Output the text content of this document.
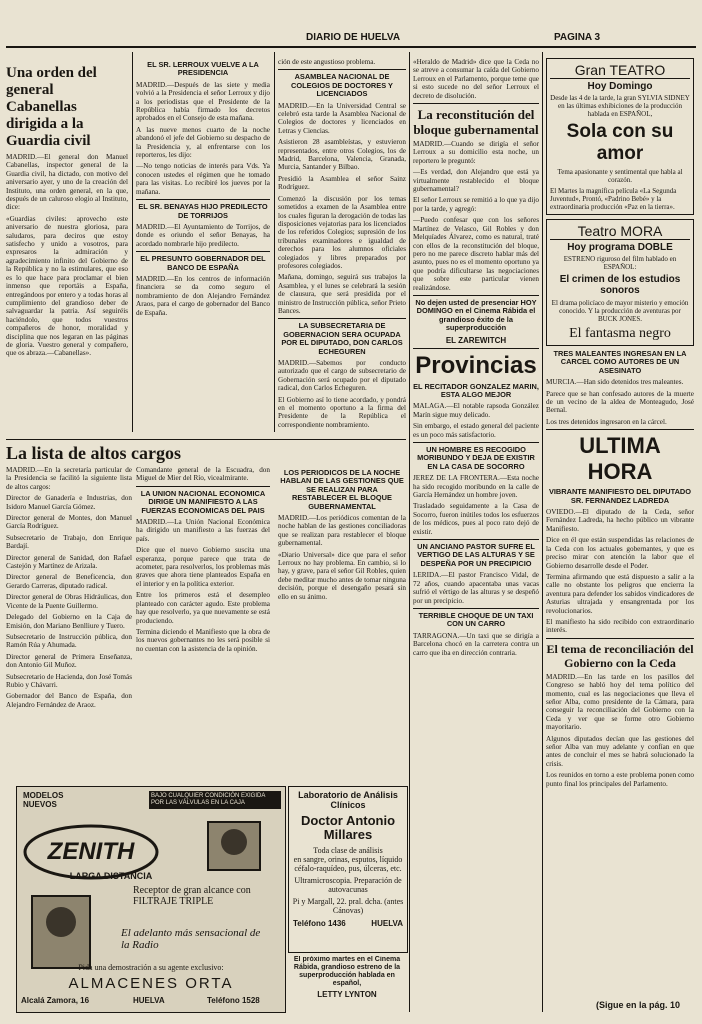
DIARIO DE HUELVA	PAGINA 3
Una orden del general Cabanellas dirigida a la Guardia civil

MADRID.—El general don Manuel Cabanellas, inspector general de la Guardia civil, ha dictado, con motivo del aniversario ayer, y uno de la creación del Instituto, una orden general, en la que, después de un caluroso elogio al Instituto, dice:

«Guardias civiles: aprovecho este aniversario de nuestra gloriosa, para saludaros, para deciros que estoy satisfecho y unido a vosotros, para expresaros la admiración y agradecimiento infinito del Gobierno de la República y no la estimulares, que eso es lo que hace para proclamar el bien inmenso que reportáis a España, entregándoos por entero y a todas horas al cumplimiento del grandioso deber de salvaguardar la patria. Así seguiréis haciéndolo, que todos vuestros compañeros de honor, moralidad y disciplina que nos legaran en las páginas de gloria. Vuestro general y compañero, que os abraza.—Cabanellas».

EL SR. LERROUX VUELVE A LA PRESIDENCIA

MADRID.—Después de las siete y media volvió a la Presidencia el señor Lerroux y dijo a los periodistas que el Presidente de la República había firmado los decretos aprobados en el Consejo de esta mañana.

A las nueve menos cuarto de la noche abandonó el jefe del Gobierno su despacho de la Presidencia y, al enfrentarse con los reporteros, les dijo:

—No tengo noticias de interés para Vds. Ya conocen ustedes el régimen que he tomado para las visitas. Lo recibiré los jueves por la mañana.

EL SR. BENAYAS HIJO PREDILECTO DE TORRIJOS

MADRID.—El Ayuntamiento de Torrijos, de donde es oriundo el señor Benayas, ha acordado nombrarle hijo predilecto.

EL PRESUNTO GOBERNADOR DEL BANCO DE ESPAÑA

MADRID.—En los centros de información financiera se da como seguro el nombramiento de don Alejandro Fernández Araos, para el cargo de gobernador del Banco de España.

ción de este angustioso problema.

ASAMBLEA NACIONAL DE COLEGIOS DE DOCTORES Y LICENCIADOS

MADRID.—En la Universidad Central se celebró esta tarde la Asamblea Nacional de Colegios de doctores y licenciados en Letras y Ciencias.

Asistieron 28 asambleístas, y estuvieron representados, entre otros Colegios, los de Madrid, Barcelona, Valencia, Granada, Murcia, Santander y Bilbao.

Presidió la Asamblea el señor Sainz Rodríguez.

Comenzó la discusión por los temas sometidos a examen de la Asamblea entre los cuales figuran la derogación de todas las disposiciones vejatorias para los licenciados de los referidos Colegios; supresión de los tribunales examinadores e igualdad de derechos para los alumnos oficiales colegiados y libres preparados por profesores colegiados.

Mañana, domingo, seguirá sus trabajos la Asamblea, y el lunes se celebrará la sesión de clausura, que será presidida por el ministro de Instrucción pública, señor Prieto Bances.

LA SUBSECRETARIA DE GOBERNACION SERA OCUPADA POR EL DIPUTADO, DON CARLOS ECHEGUREN

MADRID.—Sabemos por conducto autorizado que el cargo de subsecretario de Gobernación será ocupado por el diputado radical, don Carlos Echeguren.

El Gobierno así lo tiene acordado, y pondrá en el momento oportuno a la firma del Presidente de la República el correspondiente nombramiento.

La lista de altos cargos

MADRID.—En la secretaría particular de la Presidencia se facilitó la siguiente lista de altos cargos:

Director de Ganadería e Industrias, don Isidoro Manuel García Gómez.

Director general de Montes, don Manuel García Rodríguez.

Subsecretario de Trabajo, don Enrique Bardají.

Director general de Sanidad, don Rafael Castejón y Martínez de Arizala.

Director general de Beneficencia, don Gerardo Carreras, diputado radical.

Director general de Obras Hidráulicas, don Vicente de la Puente Guillermo.

Delegado del Gobierno en la Caja de Emisión, don Mariano Benlliure y Tuero.

Subsecretario de Instrucción pública, don Ramón Rúa y Ahumada.

Director general de Primera Enseñanza, don Antonio Gil Muñoz.

Subsecretario de Hacienda, don José Tomás Rubio y Chávarri.

Gobernador del Banco de España, don Alejandro Fernández de Araoz.

Comandante general de la Escuadra, don Miguel de Mier del Río, vicealmirante.

LA UNION NACIONAL ECONOMICA DIRIGE UN MANIFIESTO A LAS FUERZAS ECONOMICAS DEL PAIS

MADRID.—La Unión Nacional Económica ha dirigido un manifiesto a las fuerzas del país.

Dice que el nuevo Gobierno suscita una esperanza, porque parece que trata de acometer, para resolverlos, los problemas más graves que ahora tiene planteados España en el interior y en la política exterior.

Entre los primeros está el desempleo planteado con carácter agudo. Este problema hay que resolverlo, ya que nuevamente se está produciendo.

Termina diciendo el Manifiesto que la obra de los nuevos gobernantes no les será posible si no cuentan con la asistencia de la opinión.

LOS PERIODICOS DE LA NOCHE HABLAN DE LAS GESTIONES QUE SE REALIZAN PARA RESTABLECER EL BLOQUE GUBERNAMENTAL

MADRID.—Los periódicos comentan de la noche hablan de las gestiones conciliadoras que se realizan para restablecer el bloque gubernamental.

«Diario Universal» dice que para el señor Lerroux no hay problema. En cambio, si lo hay, y grave, para el señor Gil Robles, quien debe meditar mucho antes de tomar ninguna decisión, porque el desengaño pesará sin ello en su ánimo.

MODELOS NUEVOS
BAJO CUALQUIER CONDICIÓN EXIGIDA POR LAS VÁLVULAS EN LA CAJA
ZENITH
LARGA DISTANCIA
Receptor de gran alcance con FILTRAJE TRIPLE
El adelanto más sensacional de la Radio
Pida una demostración a su agente exclusivo:
ALMACENES ORTA
Alcalá Zamora, 16	HUELVA	Teléfono 1528
Laboratorio de Análisis Clínicos
Doctor Antonio Millares
Toda clase de análisis
en sangre, orinas, esputos, líquido céfalo-raquídeo, pus, úlceras, etc.
Ultramicroscopia. Preparación de autovacunas
Pi y Margall, 22. pral. dcha. (antes Cánovas)
Teléfono 1436	HUELVA
El próximo martes en el Cinema Rábida, grandioso estreno de la superproducción hablada en español,
LETTY LYNTON

«Heraldo de Madrid» dice que la Ceda no se atreve a consumar la caída del Gobierno Lerroux en el Parlamento, porque teme que si esto sucede no del señor Lerroux el decreto de disolución.

La reconstitución del bloque gubernamental

MADRID.—Cuando se dirigía el señor Lerroux a su domicilio esta noche, un reportero le preguntó:

—Es verdad, don Alejandro que está ya virtualmente restablecido el bloque gubernamental?

El señor Lerroux se remitió a lo que ya dijo por la tarde, y agregó:

—Puedo confesar que con los señores Martínez de Velasco, Gil Robles y don Melquíades Álvarez, como es natural, traté con ellos de la reconstitución del bloque, pero no me parece discreto hablar más del asunto, pues no es el momento oportuno ya que podría dificultarse las negociaciones que sobre este particular vienen realizándose.

No dejen usted de presenciar HOY DOMINGO en el Cinema Rábida el grandioso éxito de la superproducción
EL ZAREWITCH
Provincias
EL RECITADOR GONZALEZ MARIN, ESTA ALGO MEJOR

MALAGA.—El notable rapsoda González Marín sigue muy delicado.

Sin embargo, el estado general del paciente es un poco más satisfactorio.

UN HOMBRE ES RECOGIDO MORIBUNDO Y DEJA DE EXISTIR EN LA CASA DE SOCORRO

JEREZ DE LA FRONTERA.—Esta noche ha sido recogido moribundo en la calle de García Hernández un hombre joven.

Trasladado seguidamente a la Casa de Socorro, fueron inútiles todos los esfuerzos de los médicos, pues al poco rato dejó de existir.

UN ANCIANO PASTOR SUFRE EL VERTIGO DE LAS ALTURAS Y SE DESPEÑA POR UN PRECIPICIO

LERIDA.—El pastor Francisco Vidal, de 72 años, cuando apacentaba unas vacas sufrió el vértigo de las alturas y se despeñó por un precipicio.

TERRIBLE CHOQUE DE UN TAXI CON UN CARRO

TARRAGONA.—Un taxi que se dirigía a Barcelona chocó en la carretera contra un carro que iba en dirección contraria.

Gran TEATRO
Hoy Domingo
Desde las 4 de la tarde, la gran SYLVIA SIDNEY en las últimas exhibiciones de la producción hablada en ESPAÑOL,
Sola con su amor
Tema apasionante y sentimental que habla al corazón.
El Martes la magnífica película «La Segunda Juventud», Prontó, «Padrino Bebé» y la extraordinaria producción «Paz en la tierra».
Teatro MORA
Hoy programa DOBLE
ESTRENO riguroso del film hablado en ESPAÑOL:
El crimen de los estudios sonoros
El drama policíaco de mayor misterio y emoción conocido. Y la producción de aventuras por BUCK JONES.
El fantasma negro
TRES MALEANTES INGRESAN EN LA CARCEL COMO AUTORES DE UN ASESINATO

MURCIA.—Han sido detenidos tres maleantes.

Parece que se han confesado autores de la muerte de un vecino de la aldea de Monteagudo, José Bernal.

Los tres detenidos ingresaron en la cárcel.

ULTIMA HORA
VIBRANTE MANIFIESTO DEL DIPUTADO SR. FERNANDEZ LADREDA

OVIEDO.—El diputado de la Ceda, señor Fernández Ladreda, ha hecho público un vibrante Manifiesto.

Dice en él que están suspendidas las relaciones de la Ceda con los actuales gobernantes, y que es preciso mirar con atención la labor que el Gobierno desarrolle desde el Poder.

Termina afirmando que está dispuesto a salir a la calle no obstante los peligros que encierra la aventura para defender los sabidos vindicadores de Asturias ultrajada y ensangrentada por los revolucionarios.

El manifiesto ha sido recibido con extraordinario interés.

El tema de reconciliación del Gobierno con la Ceda

MADRID.—En las tarde en los pasillos del Congreso se habló hoy del tema político del momento, cual es las negociaciones que lleva el señor Alba, como presidente de la Cámara, para conseguir la reconciliación del Gobierno con la Ceda y ver que se forme otro Gobierno mayoritario.

Algunos diputados decían que las gestiones del señor Alba van muy adelante y confían en que antes de concluir el mes se habrá solucionado la crisis.

Los reunidos en torno a este problema ponen como punto final los principales del Parlamento.

(Sigue en la pág. 10
